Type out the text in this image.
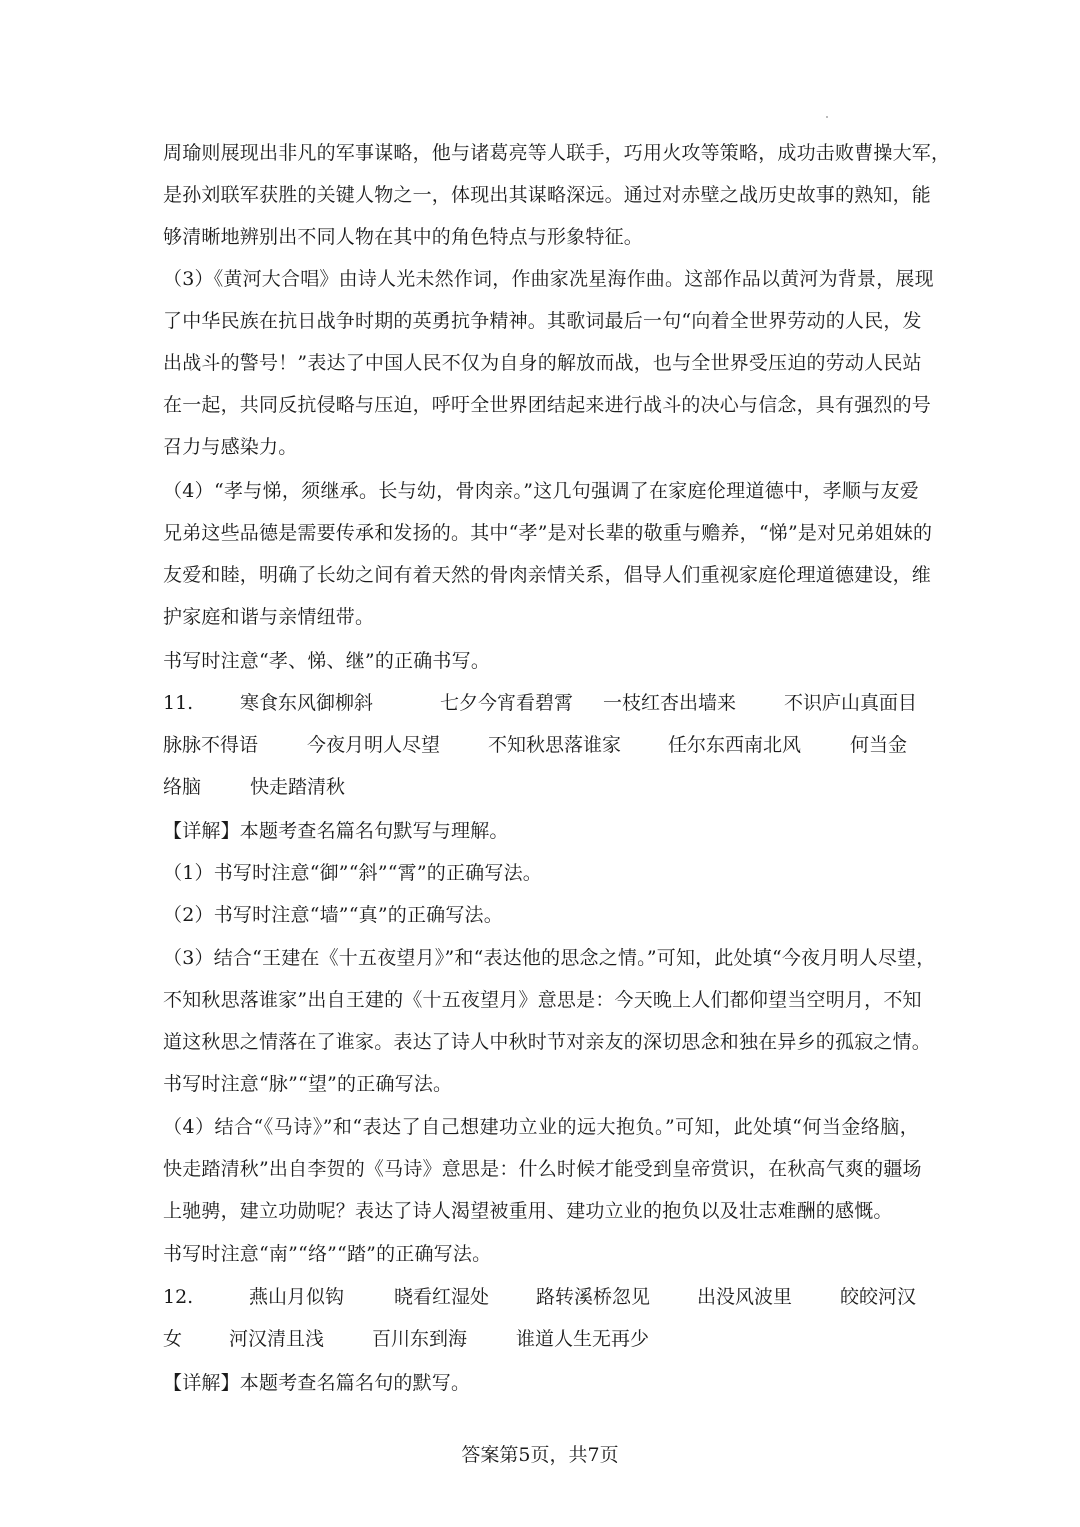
周瑜则展现出非凡的军事谋略，他与诸葛亮等人联手，巧用火攻等策略，成功击败曹操大军，
是孙刘联军获胜的关键人物之一，体现出其谋略深远。通过对赤壁之战历史故事的熟知，能
够清晰地辨别出不同人物在其中的角色特点与形象特征。
（3）《黄河大合唱》由诗人光未然作词，作曲家冼星海作曲。这部作品以黄河为背景，展现
了中华民族在抗日战争时期的英勇抗争精神。其歌词最后一句“向着全世界劳动的人民，发
出战斗的警号！”表达了中国人民不仅为自身的解放而战，也与全世界受压迫的劳动人民站
在一起，共同反抗侵略与压迫，呼吁全世界团结起来进行战斗的决心与信念，具有强烈的号
召力与感染力。
（4）“孝与悌，须继承。长与幼，骨肉亲。”这几句强调了在家庭伦理道德中，孝顺与友爱
兄弟这些品德是需要传承和发扬的。其中“孝”是对长辈的敬重与赡养，“悌”是对兄弟姐妹的
友爱和睦，明确了长幼之间有着天然的骨肉亲情关系，倡导人们重视家庭伦理道德建设，维
护家庭和谐与亲情纽带。
书写时注意“孝、悌、继”的正确书写。
11. 寒食东风御柳斜	七夕今宵看碧霄 一枝红杏出墙来	不识庐山真面目
脉脉不得语	今夜月明人尽望	不知秋思落谁家 任尔东西南北风	何当金
络脑	快走踏清秋
【详解】本题考查名篇名句默写与理解。
（1）书写时注意“御”“斜”“霄”的正确写法。
（2）书写时注意“墙”“真”的正确写法。
（3）结合“王建在《十五夜望月》”和“表达他的思念之情。”可知，此处填“今夜月明人尽望，
不知秋思落谁家”出自王建的《十五夜望月》意思是：今天晚上人们都仰望当空明月，不知
道这秋思之情落在了谁家。表达了诗人中秋时节对亲友的深切思念和独在异乡的孤寂之情。
书写时注意“脉”“望”的正确写法。
（4）结合“《马诗》”和“表达了自己想建功立业的远大抱负。”可知，此处填“何当金络脑，
快走踏清秋”出自李贺的《马诗》意思是：什么时候才能受到皇帝赏识，在秋高气爽的疆场
上驰骋，建立功勋呢？表达了诗人渴望被重用、建功立业的抱负以及壮志难酬的感慨。
书写时注意“南”“络”“踏”的正确写法。
12.	燕山月似钩	晓看红湿处 路转溪桥忽见 出没风波里	皎皎河汉
女 河汉清且浅	百川东到海	谁道人生无再少
【详解】本题考查名篇名句的默写。
答案第5页，共7页
